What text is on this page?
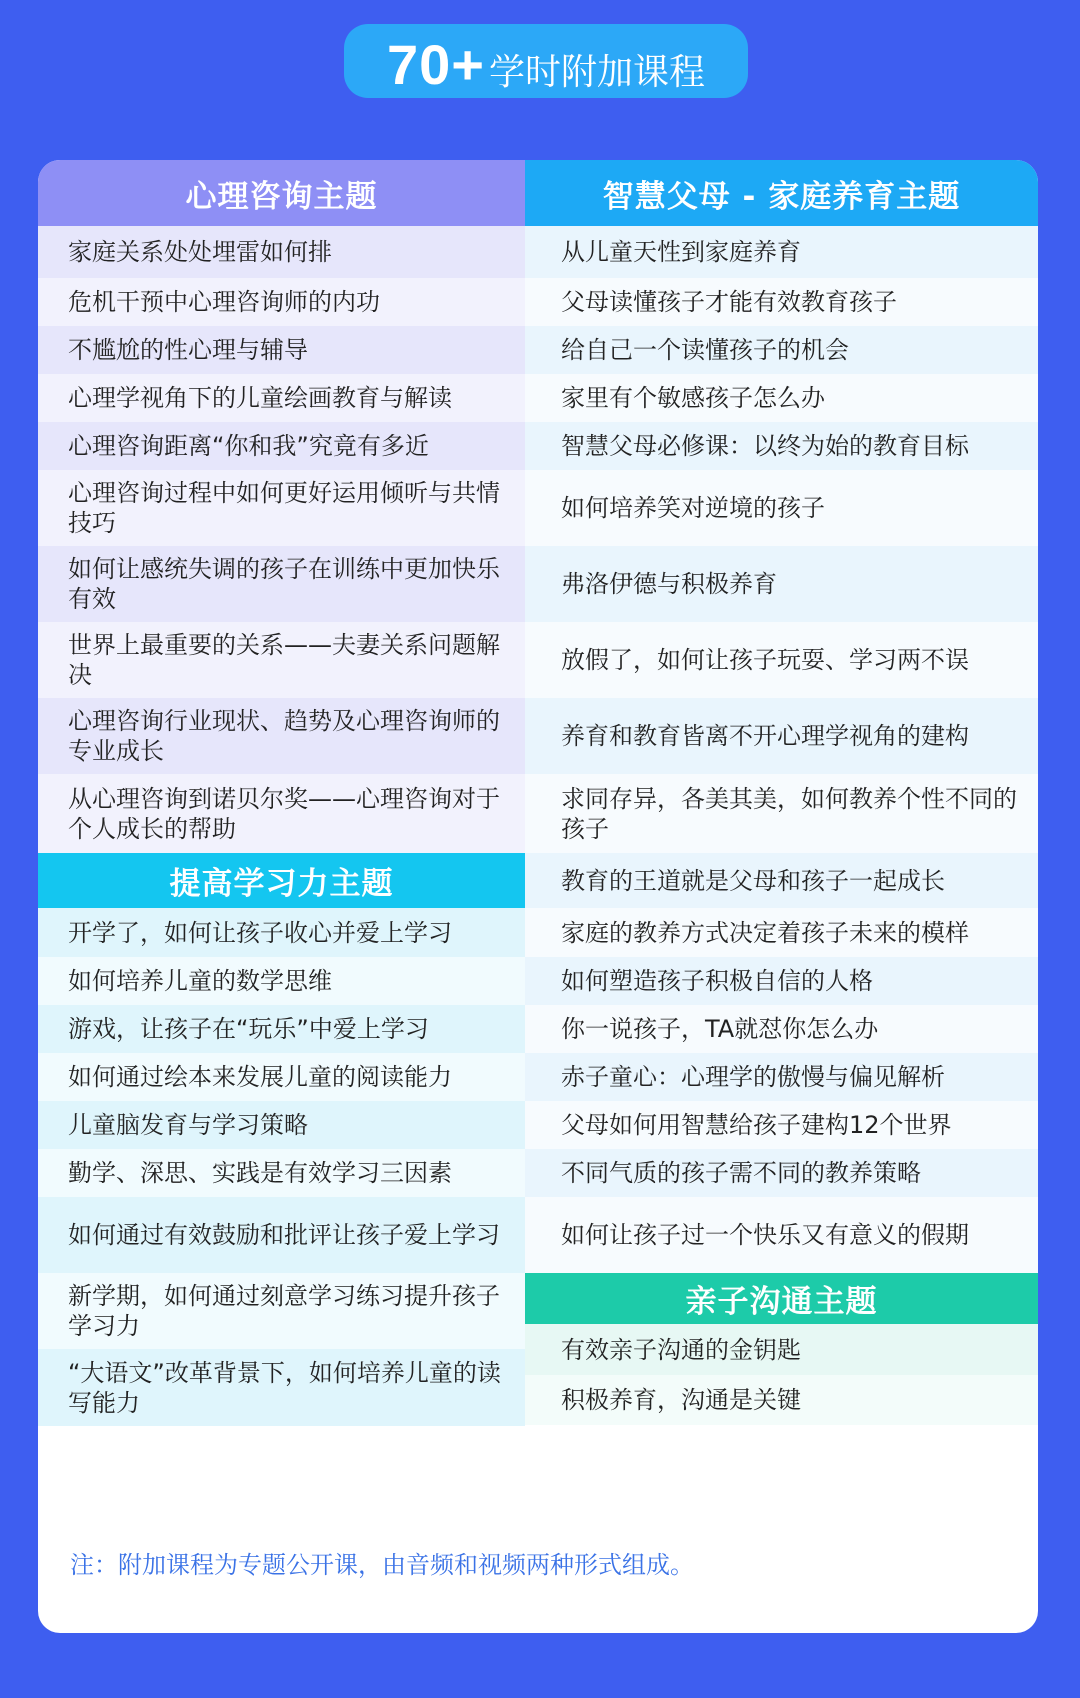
70+ 学时附加课程
心理咨询主题
家庭关系处处埋雷如何排
危机干预中心理咨询师的内功
不尴尬的性心理与辅导
心理学视角下的儿童绘画教育与解读
心理咨询距离“你和我”究竟有多近
心理咨询过程中如何更好运用倾听与共情技巧
如何让感统失调的孩子在训练中更加快乐有效
世界上最重要的关系——夫妻关系问题解决
心理咨询行业现状、趋势及心理咨询师的专业成长
从心理咨询到诺贝尔奖——心理咨询对于个人成长的帮助
提高学习力主题
开学了，如何让孩子收心并爱上学习
如何培养儿童的数学思维
游戏，让孩子在“玩乐”中爱上学习
如何通过绘本来发展儿童的阅读能力
儿童脑发育与学习策略
勤学、深思、实践是有效学习三因素
如何通过有效鼓励和批评让孩子爱上学习
新学期，如何通过刻意学习练习提升孩子学习力
“大语文”改革背景下，如何培养儿童的读写能力
智慧父母 - 家庭养育主题
从儿童天性到家庭养育
父母读懂孩子才能有效教育孩子
给自己一个读懂孩子的机会
家里有个敏感孩子怎么办
智慧父母必修课：以终为始的教育目标
如何培养笑对逆境的孩子
弗洛伊德与积极养育
放假了，如何让孩子玩耍、学习两不误
养育和教育皆离不开心理学视角的建构
求同存异，各美其美，如何教养个性不同的孩子
教育的王道就是父母和孩子一起成长
家庭的教养方式决定着孩子未来的模样
如何塑造孩子积极自信的人格
你一说孩子，TA就怼你怎么办
赤子童心：心理学的傲慢与偏见解析
父母如何用智慧给孩子建构12个世界
不同气质的孩子需不同的教养策略
如何让孩子过一个快乐又有意义的假期
亲子沟通主题
有效亲子沟通的金钥匙
积极养育，沟通是关键
注：附加课程为专题公开课，由音频和视频两种形式组成。
